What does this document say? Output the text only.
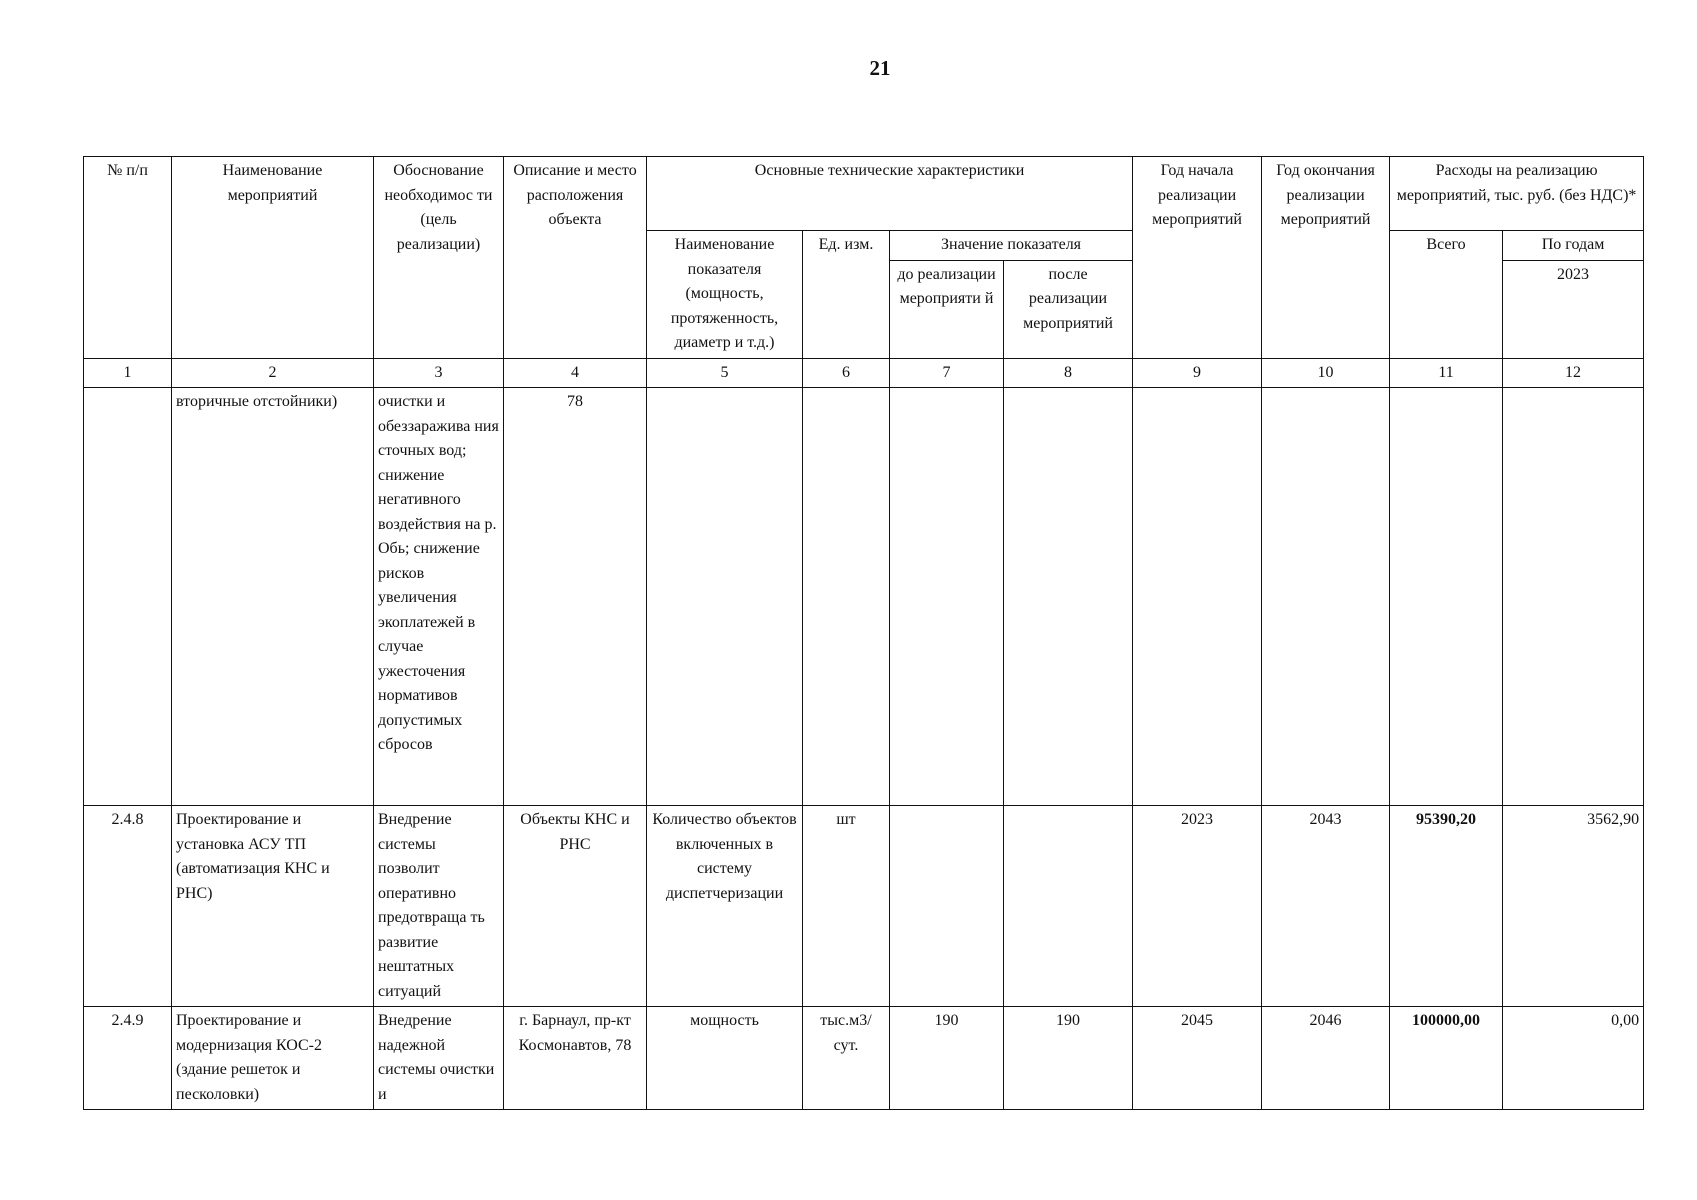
21
№ п/п	Наименование мероприятий	Обоснование необходимос ти (цель реализации)	Описание и место расположения объекта	Основные технические характеристики				Год начала реализации мероприятий	Год окончания реализации мероприятий	Расходы на реализацию мероприятий, тыс. руб. (без НДС)*	
				Наименование показателя (мощность, протяженность, диаметр и т.д.)	Ед. изм.	Значение показателя				Всего	По годам
						до реализации мероприяти й	после реализации мероприятий				2023
1	2	3	4	5	6	7	8	9	10	11	12
	вторичные отстойники)	очистки и обеззаражива ния сточных вод; снижение негативного воздействия на р. Обь; снижение рисков увеличения экоплатежей в случае ужесточения нормативов допустимых сбросов	78								
2.4.8	Проектирование и установка АСУ ТП (автоматизация КНС и РНС)	Внедрение системы позволит оперативно предотвраща ть развитие нештатных ситуаций	Объекты КНС и РНС	Количество объектов включенных в систему диспетчеризации	шт			2023	2043	95390,20	3562,90
2.4.9	Проектирование и модернизация КОС-2 (здание решеток и песколовки)	Внедрение надежной системы очистки и	г. Барнаул, пр-кт Космонавтов, 78	мощность	тыс.м3/ сут.	190	190	2045	2046	100000,00	0,00
